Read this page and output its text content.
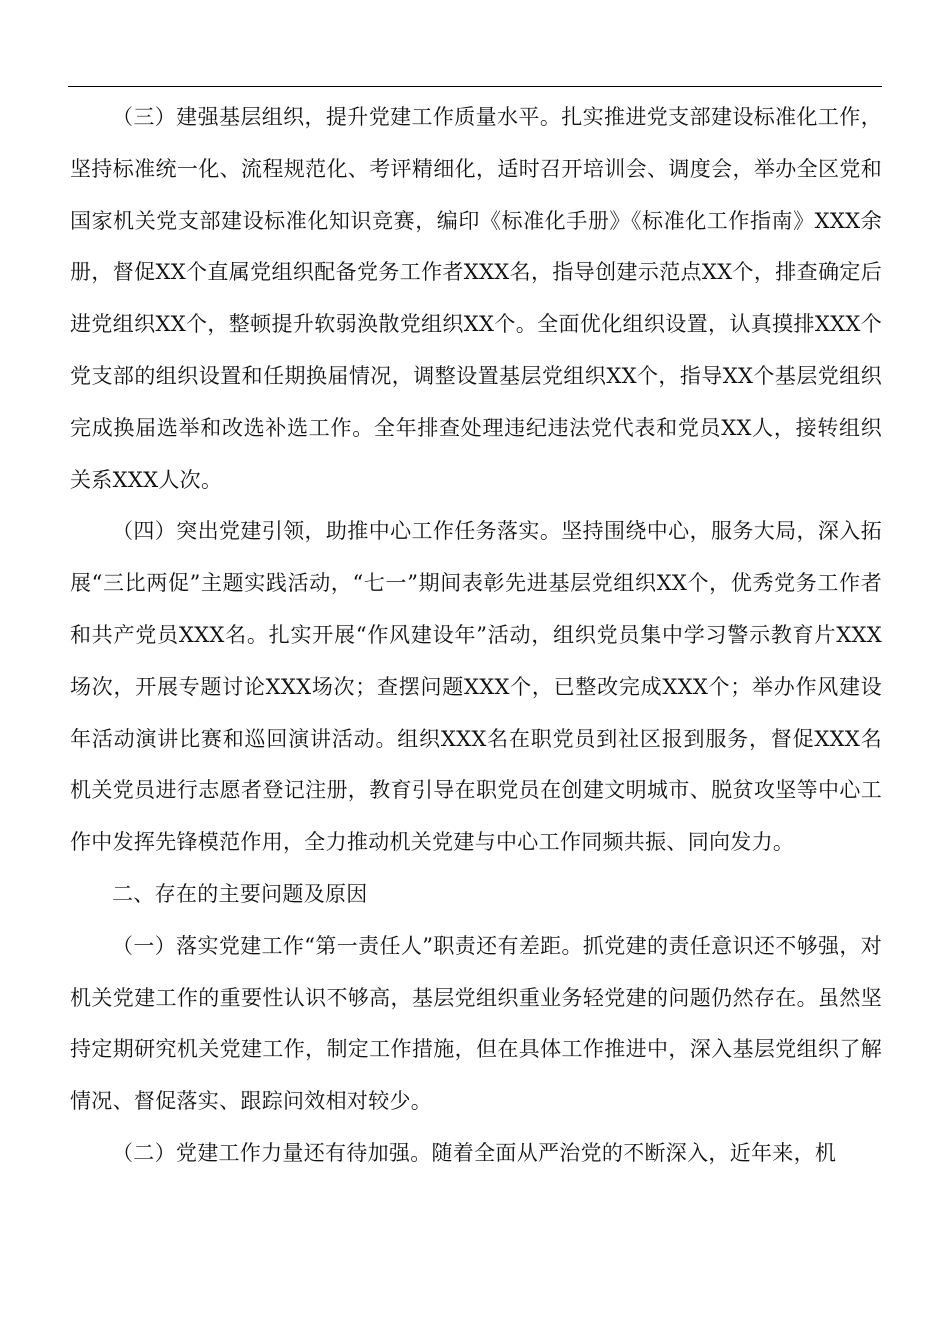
（三）建强基层组织，提升党建工作质量水平。扎实推进党支部建设标准化工作，坚持标准统一化、流程规范化、考评精细化，适时召开培训会、调度会，举办全区党和国家机关党支部建设标准化知识竞赛，编印《标准化手册》《标准化工作指南》XXX余册，督促XX个直属党组织配备党务工作者XXX名，指导创建示范点XX个，排查确定后进党组织XX个，整顿提升软弱涣散党组织XX个。全面优化组织设置，认真摸排XXX个党支部的组织设置和任期换届情况，调整设置基层党组织XX个，指导XX个基层党组织完成换届选举和改选补选工作。全年排查处理违纪违法党代表和党员XX人，接转组织关系XXX人次。

（四）突出党建引领，助推中心工作任务落实。坚持围绕中心，服务大局，深入拓展“三比两促”主题实践活动，“七一”期间表彰先进基层党组织XX个，优秀党务工作者和共产党员XXX名。扎实开展“作风建设年”活动，组织党员集中学习警示教育片XXX场次，开展专题讨论XXX场次；查摆问题XXX个，已整改完成XXX个；举办作风建设年活动演讲比赛和巡回演讲活动。组织XXX名在职党员到社区报到服务，督促XXX名机关党员进行志愿者登记注册，教育引导在职党员在创建文明城市、脱贫攻坚等中心工作中发挥先锋模范作用，全力推动机关党建与中心工作同频共振、同向发力。

二、存在的主要问题及原因

（一）落实党建工作“第一责任人”职责还有差距。抓党建的责任意识还不够强，对机关党建工作的重要性认识不够高，基层党组织重业务轻党建的问题仍然存在。虽然坚持定期研究机关党建工作，制定工作措施，但在具体工作推进中，深入基层党组织了解情况、督促落实、跟踪问效相对较少。

（二）党建工作力量还有待加强。随着全面从严治党的不断深入，近年来，机
